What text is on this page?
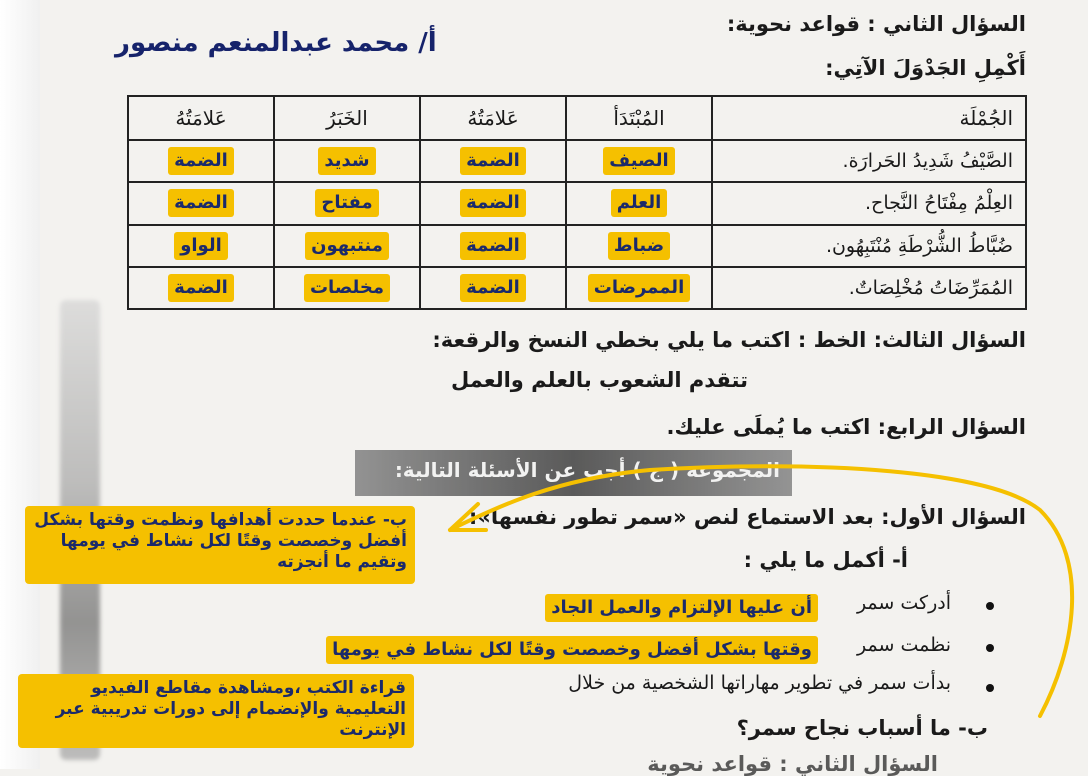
أ/ محمد عبدالمنعم منصور
السؤال الثاني : قواعد نحوية:
أَكْمِلِ الجَدْوَلَ الآتِي:
الجُمْلَة	المُبْتَدَأ	عَلامَتُهُ	الخَبَرُ	عَلامَتُهُ
الصَّيْفُ شَدِيدُ الحَرارَة.	الصيف	الضمة	شديد	الضمة
العِلْمُ مِفْتَاحُ النَّجاح.	العلم	الضمة	مفتاح	الضمة
ضُبَّاطُ الشُّرْطَةِ مُنْتَبِهُون.	ضباط	الضمة	منتبهون	الواو
المُمَرِّضَاتُ مُخْلِصَاتٌ.	الممرضات	الضمة	مخلصات	الضمة
السؤال الثالث: الخط : اكتب ما يلي بخطي النسخ والرقعة:
تتقدم الشعوب بالعلم والعمل
السؤال الرابع: اكتب ما يُملَى عليك.
المجموعة ( ج ) أجب عن الأسئلة التالية:
السؤال الأول: بعد الاستماع لنص «سمر تطور نفسها»:
أ- أكمل ما يلي :
أدركت سمر
أن عليها الإلتزام والعمل الجاد
نظمت سمر
وقتها بشكل أفضل وخصصت وقتًا لكل نشاط في يومها
بدأت سمر في تطوير مهاراتها الشخصية من خلال
ب- ما أسباب نجاح سمر؟
السؤال الثاني : قواعد نحوية
ب- عندما حددت أهدافها ونظمت وقتها بشكل أفضل وخصصت وقتًا لكل نشاط في يومها وتقيم ما أنجزته
قراءة الكتب ،ومشاهدة مقاطع الفيديو التعليمية والإنضمام إلى دورات تدريبية عبر الإنترنت
